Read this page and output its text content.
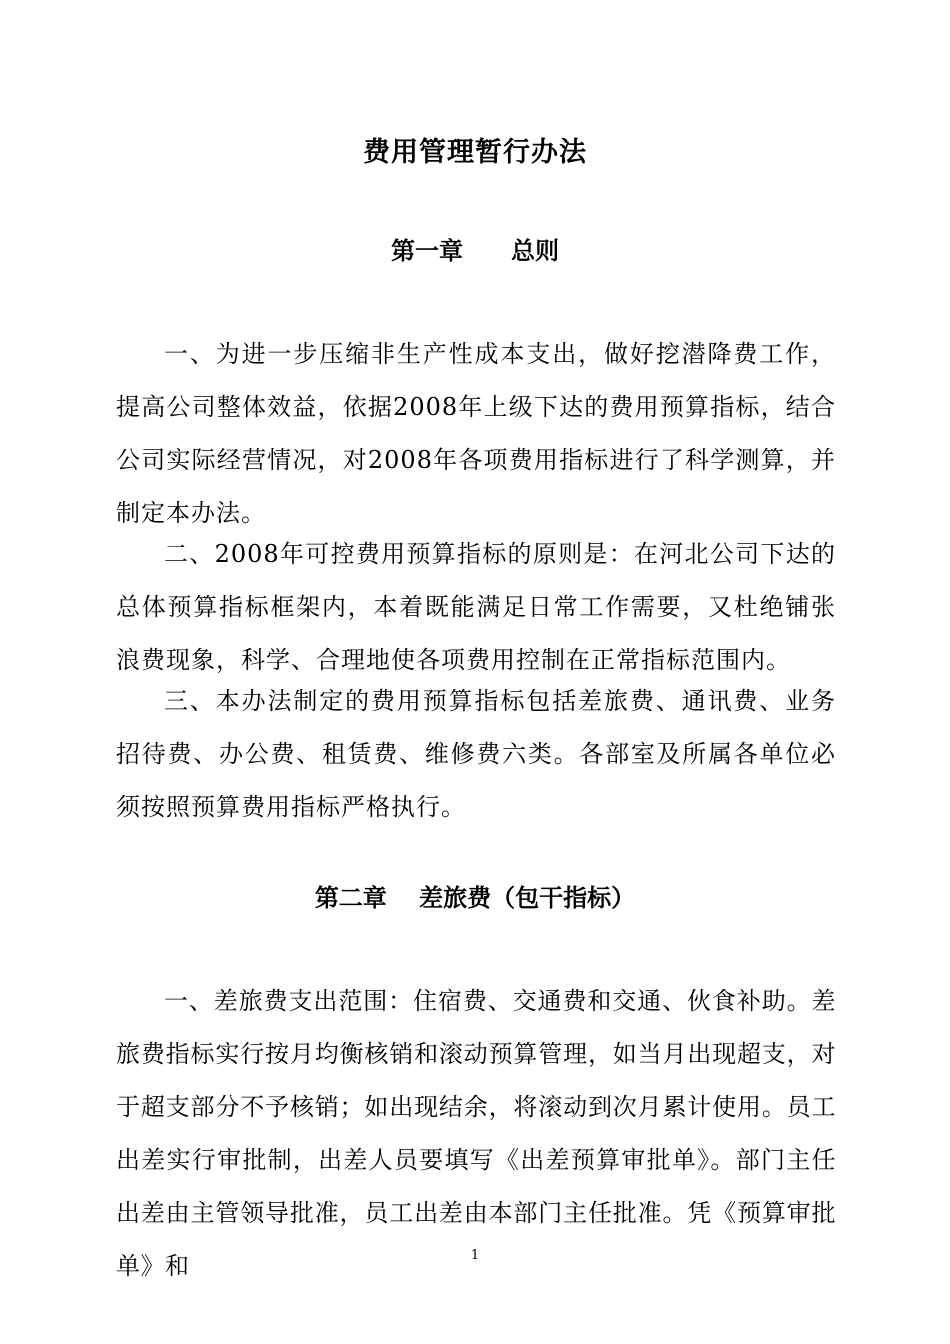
费用管理暂行办法
第一章　　总则

一、为进一步压缩非生产性成本支出，做好挖潜降费工作，提高公司整体效益，依据2008年上级下达的费用预算指标，结合公司实际经营情况，对2008年各项费用指标进行了科学测算，并制定本办法。

二、2008年可控费用预算指标的原则是：在河北公司下达的总体预算指标框架内，本着既能满足日常工作需要，又杜绝铺张浪费现象，科学、合理地使各项费用控制在正常指标范围内。

三、本办法制定的费用预算指标包括差旅费、通讯费、业务招待费、办公费、租赁费、维修费六类。各部室及所属各单位必须按照预算费用指标严格执行。

第二章　 差旅费（包干指标）

一、差旅费支出范围：住宿费、交通费和交通、伙食补助。差旅费指标实行按月均衡核销和滚动预算管理，如当月出现超支，对于超支部分不予核销；如出现结余，将滚动到次月累计使用。员工出差实行审批制，出差人员要填写《出差预算审批单》。部门主任出差由主管领导批准，员工出差由本部门主任批准。凭《预算审批单》和	1
